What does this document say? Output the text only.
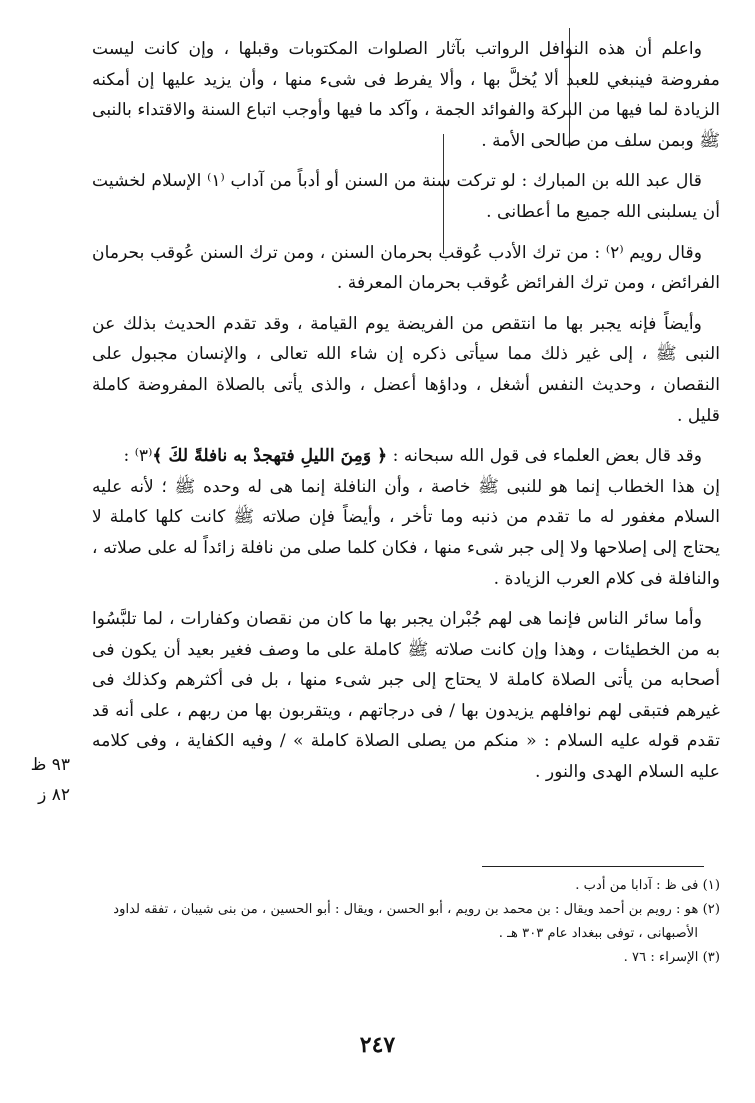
واعلم أن هذه النوافل الرواتب بآثار الصلوات المكتوبات وقبلها ، وإن كانت ليست مفروضة فينبغي للعبد ألا يُخلَّ بها ، وألا يفرط فى شىء منها ، وأن يزيد عليها إن أمكنه الزيادة لما فيها من البركة والفوائد الجمة ، وآكد ما فيها وأوجب اتباع السنة والاقتداء بالنبى ﷺ وبمن سلف من صالحى الأمة .

قال عبد الله بن المبارك : لو تركت سنة من السنن أو أدباً من آداب ⁽١⁾ الإسلام لخشيت أن يسلبنى الله جميع ما أعطانى .

وقال رويم ⁽٢⁾ : من ترك الأدب عُوقب بحرمان السنن ، ومن ترك السنن عُوقب بحرمان الفرائض ، ومن ترك الفرائض عُوقب بحرمان المعرفة .

وأيضاً فإنه يجبر بها ما انتقص من الفريضة يوم القيامة ، وقد تقدم الحديث بذلك عن النبى ﷺ ، إلى غير ذلك مما سيأتى ذكره إن شاء الله تعالى ، والإنسان مجبول على النقصان ، وحديث النفس أشغل ، وداؤها أعضل ، والذى يأتى بالصلاة المفروضة كاملة قليل .

وقد قال بعض العلماء فى قول الله سبحانه : ﴿ وَمِنَ الليلِ فتهجدْ به نافلةً لكَ ﴾⁽٣⁾ :
إن هذا الخطاب إنما هو للنبى ﷺ خاصة ، وأن النافلة إنما هى له وحده ﷺ ؛ لأنه عليه السلام مغفور له ما تقدم من ذنبه وما تأخر ، وأيضاً فإن صلاته ﷺ كانت كلها كاملة لا يحتاج إلى إصلاحها ولا إلى جبر شىء منها ، فكان كلما صلى من نافلة زائداً له على صلاته ، والنافلة فى كلام العرب الزيادة .

وأما سائر الناس فإنما هى لهم جُبْران يجبر بها ما كان من نقصان وكفارات ، لما تلبَّسُوا به من الخطيئات ، وهذا وإن كانت صلاته ﷺ كاملة على ما وصف فغير بعيد أن يكون فى أصحابه من يأتى الصلاة كاملة لا يحتاج إلى جبر شىء منها ، بل فى أكثرهم وكذلك فى غيرهم فتبقى لهم نوافلهم يزيدون بها / فى درجاتهم ، ويتقربون بها من ربهم ، على أنه قد تقدم قوله عليه السلام : « منكم من يصلى الصلاة كاملة » / وفيه الكفاية ، وفى كلامه عليه السلام الهدى والنور .

٩٣ ظ
٨٢ ز

(١) فى ظ : آدابا من أدب .

(٢) هو : رويم بن أحمد ويقال : بن محمد بن رويم ، أبو الحسن ، ويقال : أبو الحسين ، من بنى شيبان ، تفقه لداود

الأصبهانى ، توفى ببغداد عام ٣٠٣ هـ .

(٣) الإسراء : ٧٦ .

٢٤٧
